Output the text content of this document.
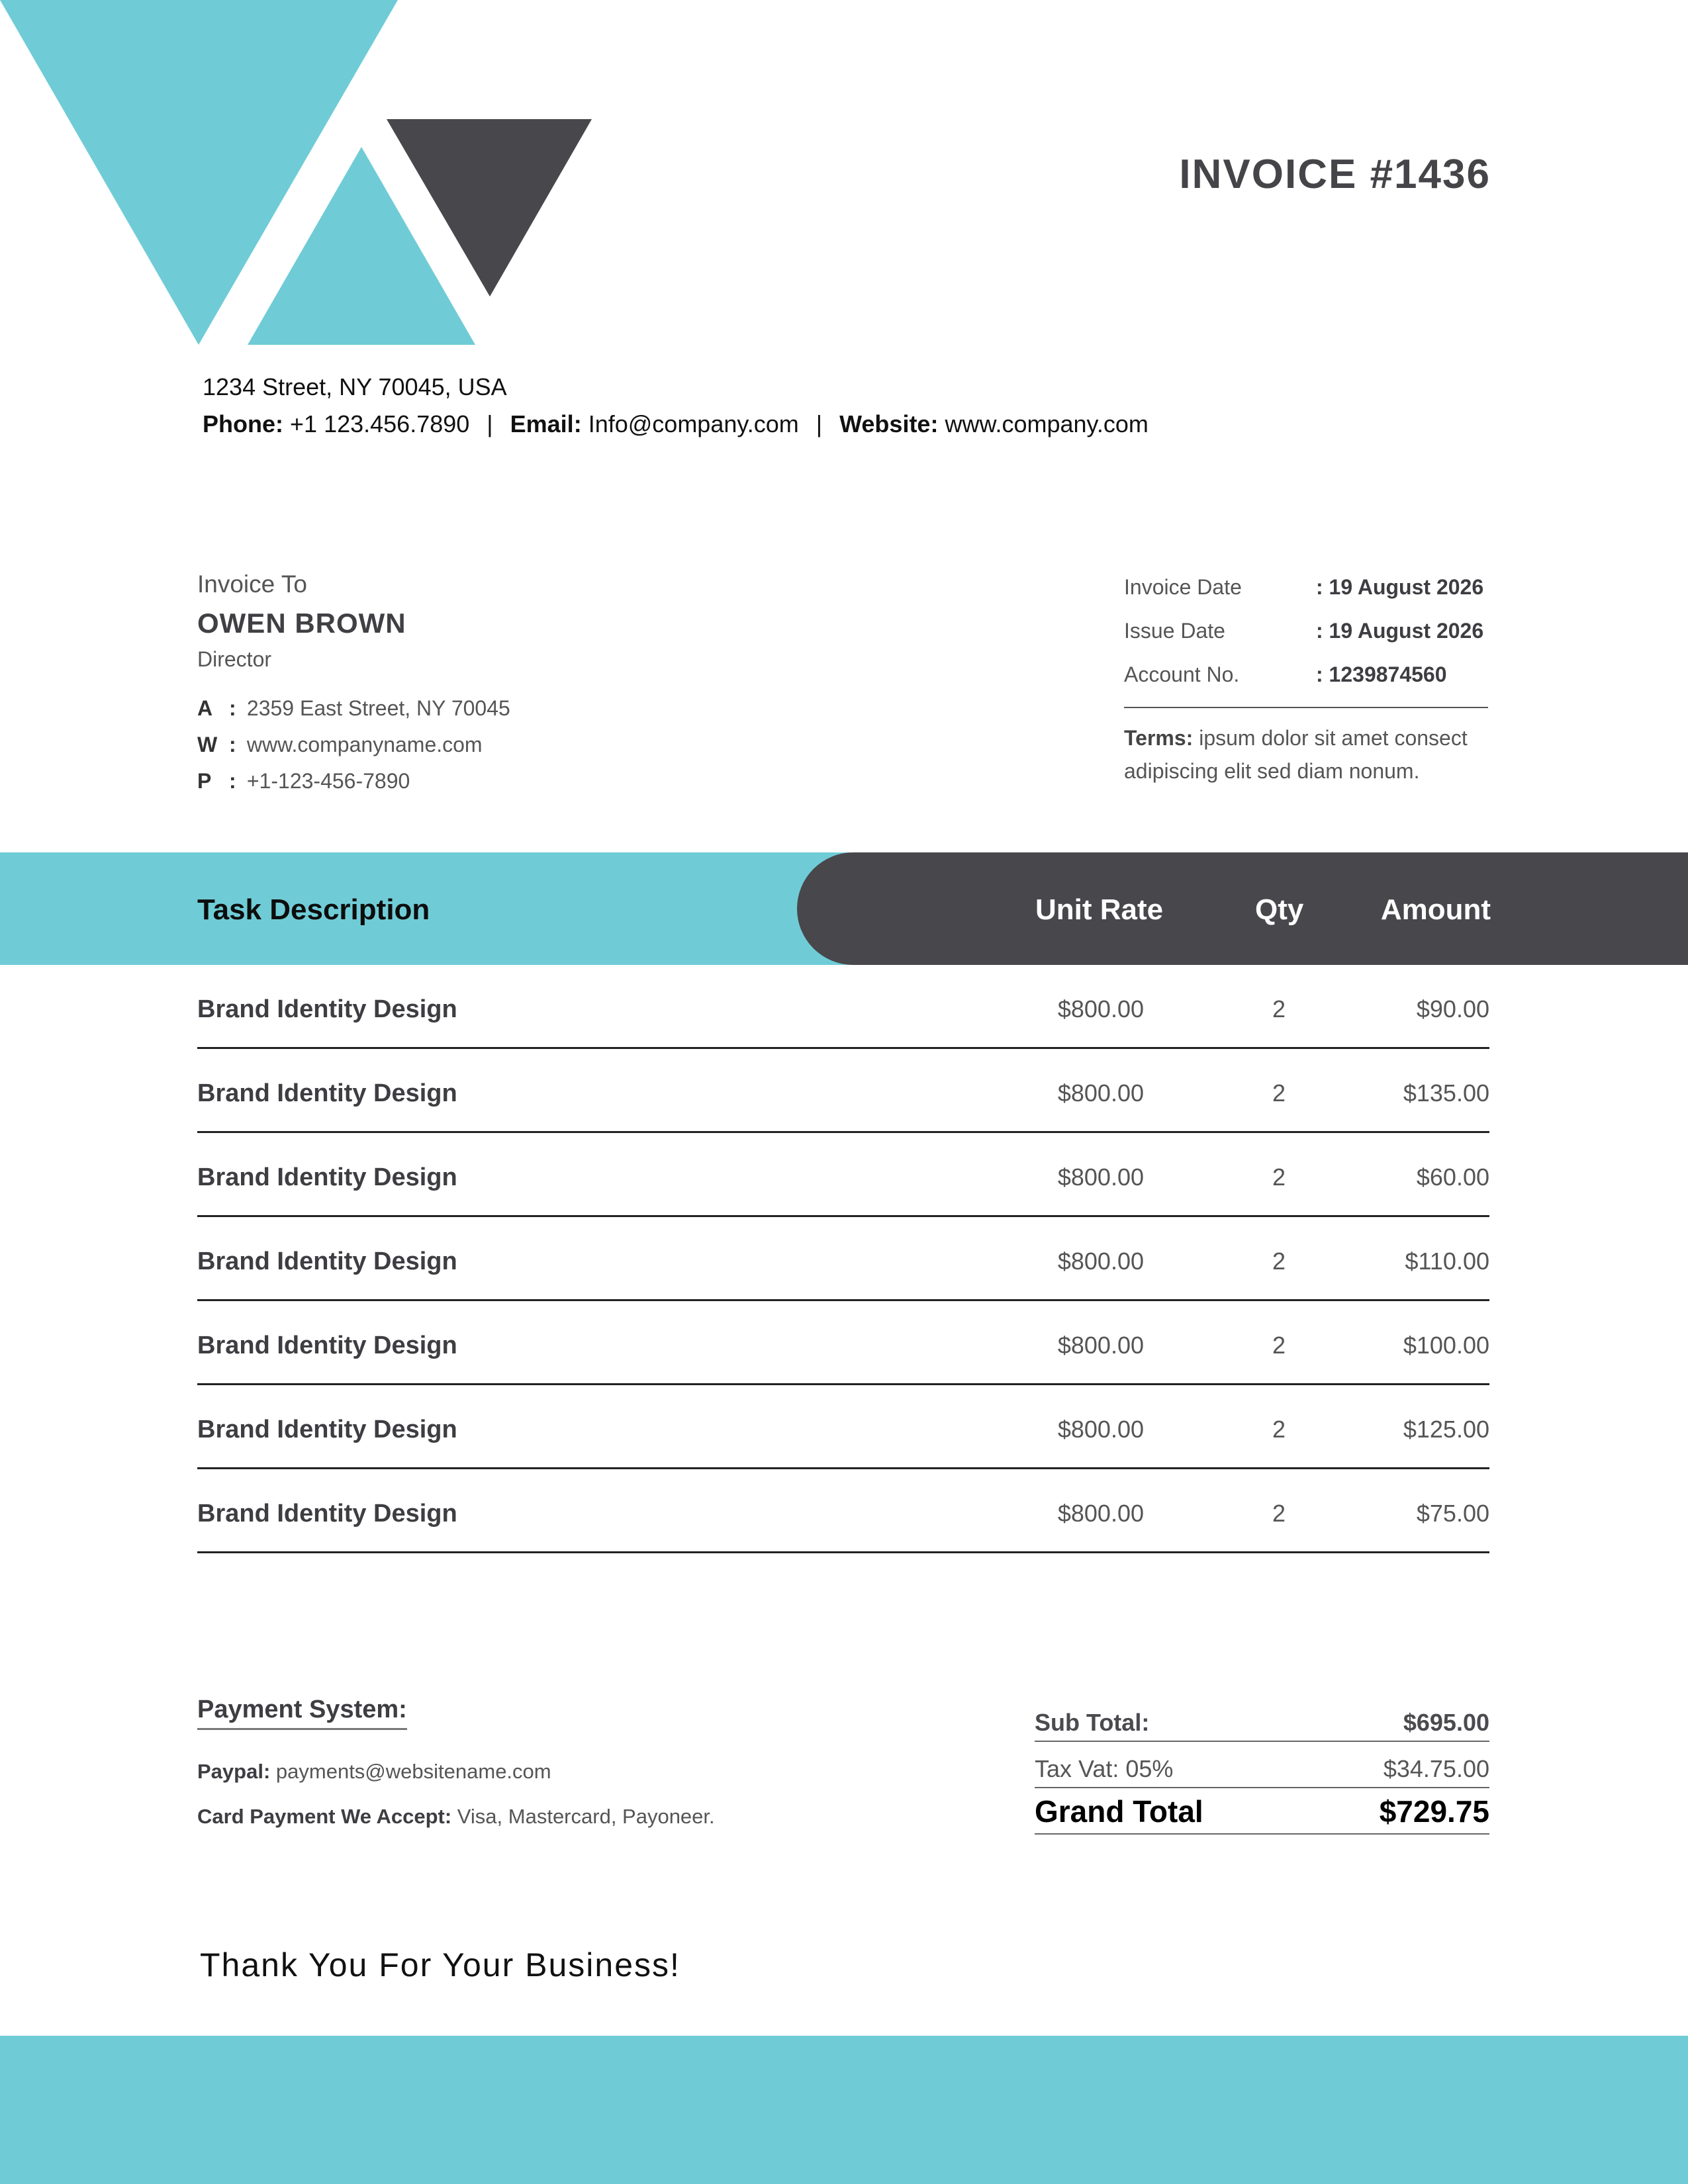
INVOICE #1436
1234 Street, NY 70045, USA
Phone: +1 123.456.7890 | Email: Info@company.com | Website: www.company.com
Invoice To
OWEN BROWN
Director
A : 2359 East Street, NY 70045
W : www.companyname.com
P : +1-123-456-7890
Invoice Date	: 19 August 2026
Issue Date	: 19 August 2026
Account No.	: 1239874560
Terms: ipsum dolor sit amet consect adipiscing elit sed diam nonum.
Task Description	Unit Rate	Qty	Amount
Brand Identity Design	$800.00	2	$90.00
Brand Identity Design	$800.00	2	$135.00
Brand Identity Design	$800.00	2	$60.00
Brand Identity Design	$800.00	2	$110.00
Brand Identity Design	$800.00	2	$100.00
Brand Identity Design	$800.00	2	$125.00
Brand Identity Design	$800.00	2	$75.00
Payment System:
Paypal: payments@websitename.com
Card Payment We Accept: Visa, Mastercard, Payoneer.
Sub Total:	$695.00
Tax Vat: 05%	$34.75.00
Grand Total	$729.75
Thank You For Your Business!
